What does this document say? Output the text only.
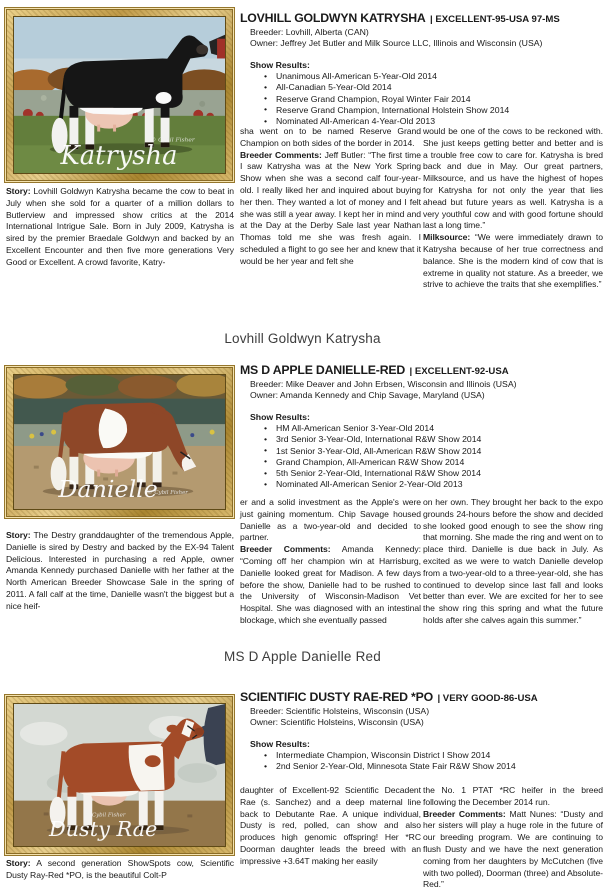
Katrysha
© Cybil Fisher
LOVHILL GOLDWYN KATRYSHA | EXCELLENT-95-USA 97-MS
Breeder: Lovhill, Alberta (CAN)
Owner: Jeffrey Jet Butler and Milk Source LLC, Illinois and Wisconsin (USA)
Show Results:
• Unanimous All-American 5-Year-Old 2014
• All-Canadian 5-Year-Old 2014
• Reserve Grand Champion, Royal Winter Fair 2014
• Reserve Grand Champion, International Holstein Show 2014
• Nominated All-American 4-Year-Old 2013

Story: Lovhill Goldwyn Katrysha became the cow to beat in July when she sold for a quarter of a million dollars to Butlerview and impressed show critics at the 2014 International Intrigue Sale. Born in July 2009, Katrysha is sired by the premier Braedale Goldwyn and backed by an Excellent Encounter and then five more generations Very Good or Excellent. A crowd favorite, Katry-

sha went on to be named Reserve Grand Champion on both sides of the border in 2014.

Breeder Comments: Jeff Butler: “The first time I saw Katrysha was at the New York Spring Show when she was a second calf four-year-old. I really liked her and inquired about buying her then. They wanted a lot of money and I felt she was still a year away. I kept her in mind and at the Day at the Derby Sale last year Nathan Thomas told me she was fresh again. I scheduled a flight to go see her and knew that it would be her year and felt she

would be one of the cows to be reckoned with. She just keeps getting better and better and is a trouble free cow to care for. Katrysha is bred back and due in May. Our great partners, Milksource, and us have the highest of hopes for Katrysha for not only the year that lies ahead but future years as well. Katrysha is a very youthful cow and with good fortune should last a long time.”

Milksource: “We were immediately drawn to Katrysha because of her true correctness and balance. She is the modern kind of cow that is extreme in quality not stature. As a breeder, we strive to achieve the traits that she exemplifies.”

Lovhill Goldwyn Katrysha
Danielle
© Cybil Fisher
MS D APPLE DANIELLE-RED | EXCELLENT-92-USA
Breeder: Mike Deaver and John Erbsen, Wisconsin and Illinois (USA)
Owner: Amanda Kennedy and Chip Savage, Maryland (USA)
Show Results:
• HM All-American Senior 3-Year-Old 2014
• 3rd Senior 3-Year-Old, International R&W Show 2014
• 1st Senior 3-Year-Old, All-American R&W Show 2014
• Grand Champion, All-American R&W Show 2014
• 5th Senior 2-Year-Old, International R&W Show 2014
• Nominated All-American Senior 2-Year-Old 2013

Story: The Destry granddaughter of the tremendous Apple, Danielle is sired by Destry and backed by the EX-94 Talent Delicious. Interested in purchasing a red Apple, owner Amanda Kennedy purchased Danielle with her father at the North American Breeder Showcase Sale in the spring of 2011. A fall calf at the time, Danielle wasn't the biggest but a nice heif-

er and a solid investment as the Apple's were just gaining momentum. Chip Savage housed Danielle as a two-year-old and decided to partner.

Breeder Comments: Amanda Kennedy: “Coming off her champion win at Harrisburg, Danielle looked great for Madison. A few days before the show, Danielle had to be rushed to the University of Wisconsin-Madison Vet Hospital. She was diagnosed with an intestinal blockage, which she eventually passed

on her own. They brought her back to the expo grounds 24-hours before the show and decided she looked good enough to see the show ring that morning. She made the ring and went on to place third. Danielle is due back in July. As excited as we were to watch Danielle develop from a two-year-old to a three-year-old, she has continued to develop since last fall and looks better than ever. We are excited for her to see the show ring this spring and what the future holds after she calves again this summer.”

MS D Apple Danielle Red
© Cybil Fisher
Dusty Rae
SCIENTIFIC DUSTY RAE-RED *PO | VERY GOOD-86-USA
Breeder: Scientific Holsteins, Wisconsin (USA)
Owner: Scientific Holsteins, Wisconsin (USA)
Show Results:
• Intermediate Champion, Wisconsin District I Show 2014
• 2nd Senior 2-Year-Old, Minnesota State Fair R&W Show 2014

Story: A second generation ShowSpots cow, Scientific Dusty Ray-Red *PO, is the beautiful Colt-P

daughter of Excellent-92 Scientific Decadent Rae (s. Sanchez) and a deep maternal line back to Debutante Rae. A unique individual, Dusty is red, polled, can show and also produces high genomic offspring! Her *RC Doorman daughter leads the breed with an impressive +3.64T making her easily

the No. 1 PTAT *RC heifer in the breed following the December 2014 run.

Breeder Comments: Matt Nunes: “Dusty and her sisters will play a huge role in the future of our breeding program. We are continuing to flush Dusty and we have the next generation coming from her daughters by McCutchen (five with two polled), Doorman (three) and Absolute-Red.”
